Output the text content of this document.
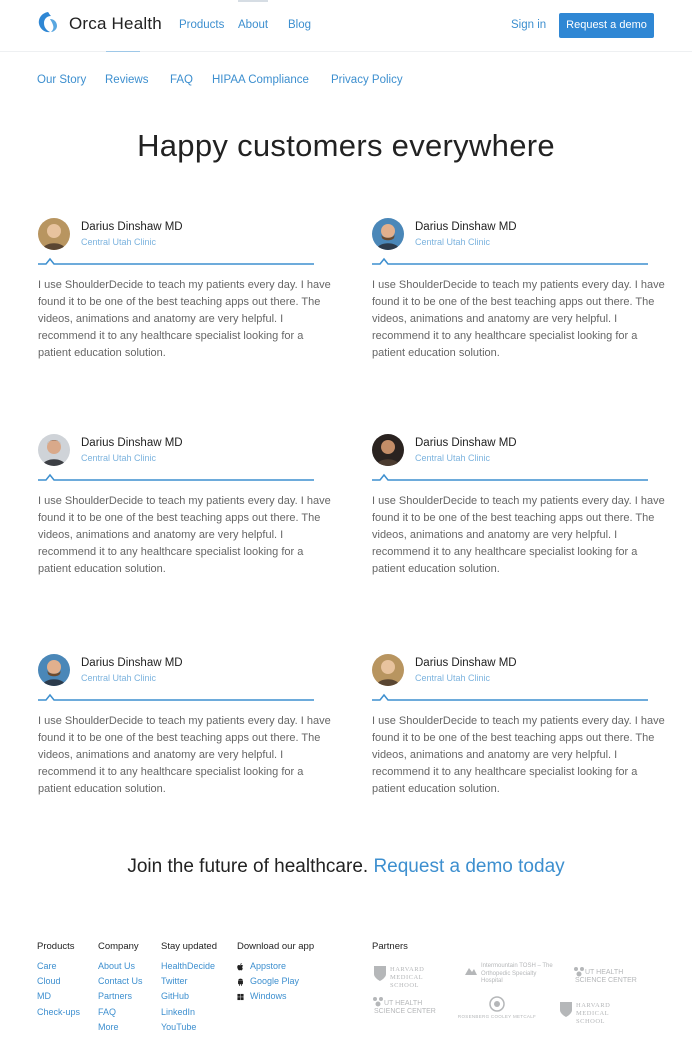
Orca Health Products About Blog	Sign in	Request a demo
Our Story Reviews FAQ HIPAA Compliance Privacy Policy
Happy customers everywhere
Darius Dinshaw MD
Central Utah Clinic

I use ShoulderDecide to teach my patients every day. I have found it to be one of the best teaching apps out there. The videos, animations and anatomy are very helpful. I recommend it to any healthcare specialist looking for a patient education solution.

Darius Dinshaw MD
Central Utah Clinic

I use ShoulderDecide to teach my patients every day. I have found it to be one of the best teaching apps out there. The videos, animations and anatomy are very helpful. I recommend it to any healthcare specialist looking for a patient education solution.

Darius Dinshaw MD
Central Utah Clinic

I use ShoulderDecide to teach my patients every day. I have found it to be one of the best teaching apps out there. The videos, animations and anatomy are very helpful. I recommend it to any healthcare specialist looking for a patient education solution.

Darius Dinshaw MD
Central Utah Clinic

I use ShoulderDecide to teach my patients every day. I have found it to be one of the best teaching apps out there. The videos, animations and anatomy are very helpful. I recommend it to any healthcare specialist looking for a patient education solution.

Darius Dinshaw MD
Central Utah Clinic

I use ShoulderDecide to teach my patients every day. I have found it to be one of the best teaching apps out there. The videos, animations and anatomy are very helpful. I recommend it to any healthcare specialist looking for a patient education solution.

Darius Dinshaw MD
Central Utah Clinic

I use ShoulderDecide to teach my patients every day. I have found it to be one of the best teaching apps out there. The videos, animations and anatomy are very helpful. I recommend it to any healthcare specialist looking for a patient education solution.

Join the future of healthcare. Request a demo today
Products
Care
Cloud
MD
Check-ups
Company
About Us
Contact Us
Partners
FAQ
More
Stay updated
HealthDecide
Twitter
GitHub
LinkedIn
YouTube
Download our app
Appstore
Google Play
Windows
Partners
HARVARD MEDICAL SCHOOL
Intermountain TOSH – The Orthopedic Specialty Hospital
UT HEALTH SCIENCE CENTER
UT HEALTH SCIENCE CENTER
ROSENBERG COOLEY METCALF
HARVARD MEDICAL SCHOOL
